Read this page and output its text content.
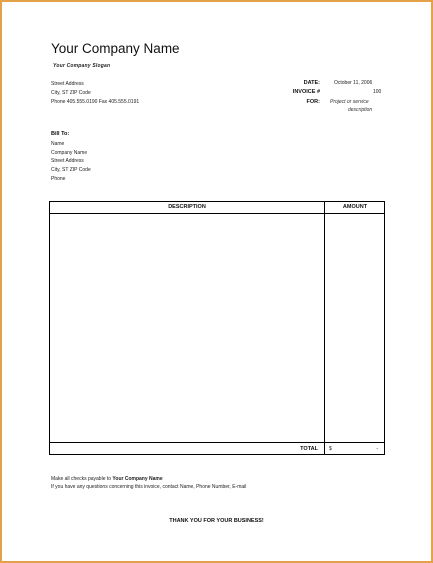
Your Company Name
Your Company Slogan
Street Address
City, ST ZIP Code
Phone 405.555.0190 Fax 405.555.0191
DATE:	October 11, 2006
INVOICE #	100
FOR: Project or service
description
Bill To:
Name
Company Name
Street Address
City, ST ZIP Code
Phone
DESCRIPTION	AMOUNT
TOTAL $	-
Make all checks payable to Your Company Name
If you have any questions concerning this invoice, contact Name, Phone Number, E-mail
THANK YOU FOR YOUR BUSINESS!
